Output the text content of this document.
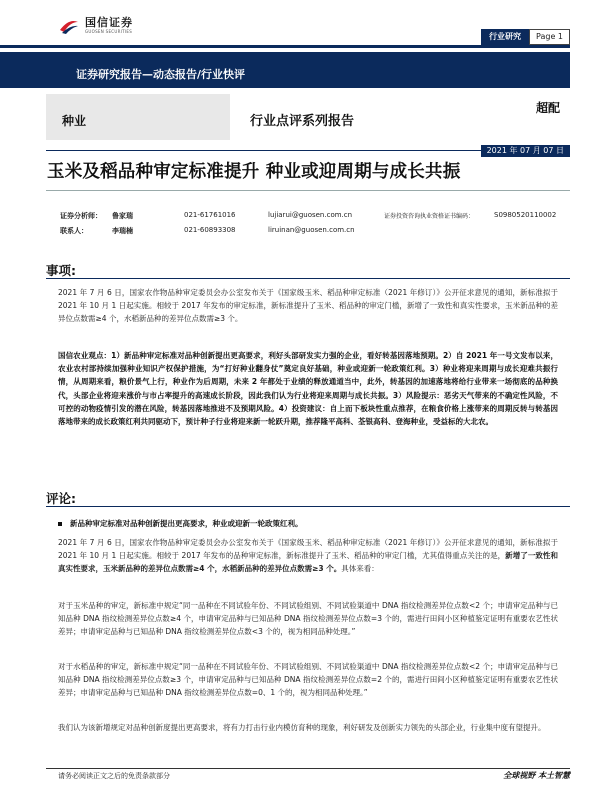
国信证券
GUOSEN SECURITIES
行业研究	Page 1
证券研究报告—动态报告/行业快评
种业	行业点评系列报告
超配
2021 年 07 月 07 日
玉米及稻品种审定标准提升 种业或迎周期与成长共振
证券分析师： 鲁家瑞	021-61761016	lujiarui@guosen.com.cn	证券投资咨询执业资格证书编码：	S0980520110002
联系人：	李瑞楠	021-60893308	liruinan@guosen.com.cn
事项:

2021 年 7 月 6 日，国家农作物品种审定委员会办公室发布关于《国家级玉米、稻品种审定标准（2021 年修订）》公开征求意见的通知，新标准拟于 2021 年 10 月 1 日起实施。相较于 2017 年发布的审定标准，新标准提升了玉米、稻品种的审定门槛，新增了一致性和真实性要求，玉米新品种的差异位点数需≥4 个，水稻新品种的差异位点数需≥3 个。

国信农业观点：1）新品种审定标准对品种创新提出更高要求，利好头部研发实力强的企业，看好转基因落地预期。2）自 2021 年一号文发布以来，农业农村部持续加强种业知识产权保护措施，为“打好种业翻身仗”奠定良好基础，种业或迎新一轮政策红利。3）种业将迎来周期与成长迎难共振行情，从周期来看，粮价景气上行，种业作为后周期，未来 2 年都处于业绩的释放通道当中，此外，转基因的加速落地将给行业带来一场彻底的品种换代，头部企业将迎来涨价与市占率提升的高速成长阶段，因此我们认为行业将迎来周期与成长共振。3）风险提示：恶劣天气带来的不确定性风险，不可控的动物疫情引发的潜在风险，转基因落地推进不及预期风险。4）投资建议：自上而下板块性重点推荐，在粮食价格上涨带来的周期反转与转基因落地带来的成长政策红利共同驱动下，预计种子行业将迎来新一轮跃升期，推荐隆平高科、荃银高科、登海种业，受益标的大北农。

评论:
新品种审定标准对品种创新提出更高要求，种业或迎新一轮政策红利。

2021 年 7 月 6 日，国家农作物品种审定委员会办公室发布关于《国家级玉米、稻品种审定标准（2021 年修订）》公开征求意见的通知，新标准拟于 2021 年 10 月 1 日起实施。相较于 2017 年发布的品种审定标准，新标准提升了玉米、稻品种的审定门槛，尤其值得重点关注的是，新增了一致性和真实性要求，玉米新品种的差异位点数需≥4 个，水稻新品种的差异位点数需≥3 个。具体来看：

对于玉米品种的审定，新标准中规定“同一品种在不同试验年份、不同试验组别、不同试验渠道中 DNA 指纹检测差异位点数<2 个；申请审定品种与已知品种 DNA 指纹检测差异位点数≥4 个，申请审定品种与已知品种 DNA 指纹检测差异位点数=3 个的，需进行田间小区种植鉴定证明有重要农艺性状差异；申请审定品种与已知品种 DNA 指纹检测差异位点数<3 个的，视为相同品种处理。”

对于水稻品种的审定，新标准中规定“同一品种在不同试验年份、不同试验组别、不同试验渠道中 DNA 指纹检测差异位点数<2 个；申请审定品种与已知品种 DNA 指纹检测差异位点数≥3 个，申请审定品种与已知品种 DNA 指纹检测差异位点数=2 个的，需进行田间小区种植鉴定证明有重要农艺性状差异；申请审定品种与已知品种 DNA 指纹检测差异位点数=0、1 个的，视为相同品种处理。”

我们认为该新增规定对品种创新度提出更高要求，将有力打击行业内模仿育种的现象，利好研发及创新实力领先的头部企业，行业集中度有望提升。

请务必阅读正文之后的免责条款部分	全球视野 本土智慧
